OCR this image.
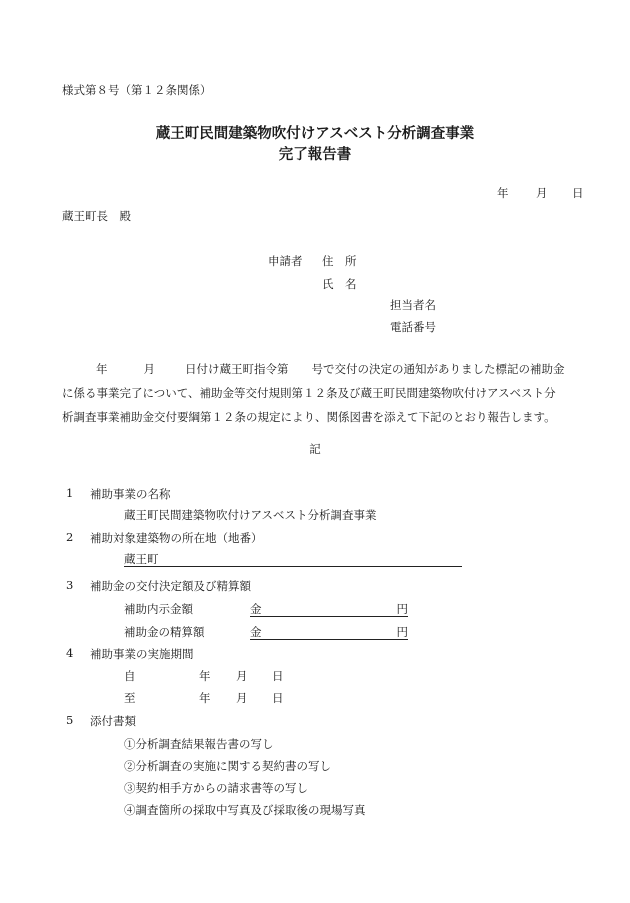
様式第８号（第１２条関係）
蔵王町民間建築物吹付けアスベスト分析調査事業
完了報告書
年 月 日
蔵王町長　殿
申請者 住　所
氏　名
担当者名
電話番号

年	月	日付け蔵王町指令第　　号で交付の決定の通知がありました標記の補助金

に係る事業完了について、補助金等交付規則第１２条及び蔵王町民間建築物吹付けアスベスト分

析調査事業補助金交付要綱第１２条の規定により、関係図書を添えて下記のとおり報告します。

記
1 補助事業の名称
蔵王町民間建築物吹付けアスベスト分析調査事業
2 補助対象建築物の所在地（地番）
蔵王町
3 補助金の交付決定額及び精算額
補助内示金額	金	円
補助金の精算額	金	円
4 補助事業の実施期間
自	年 月 日
至	年 月 日
5 添付書類
①分析調査結果報告書の写し
②分析調査の実施に関する契約書の写し
③契約相手方からの請求書等の写し
④調査箇所の採取中写真及び採取後の現場写真
